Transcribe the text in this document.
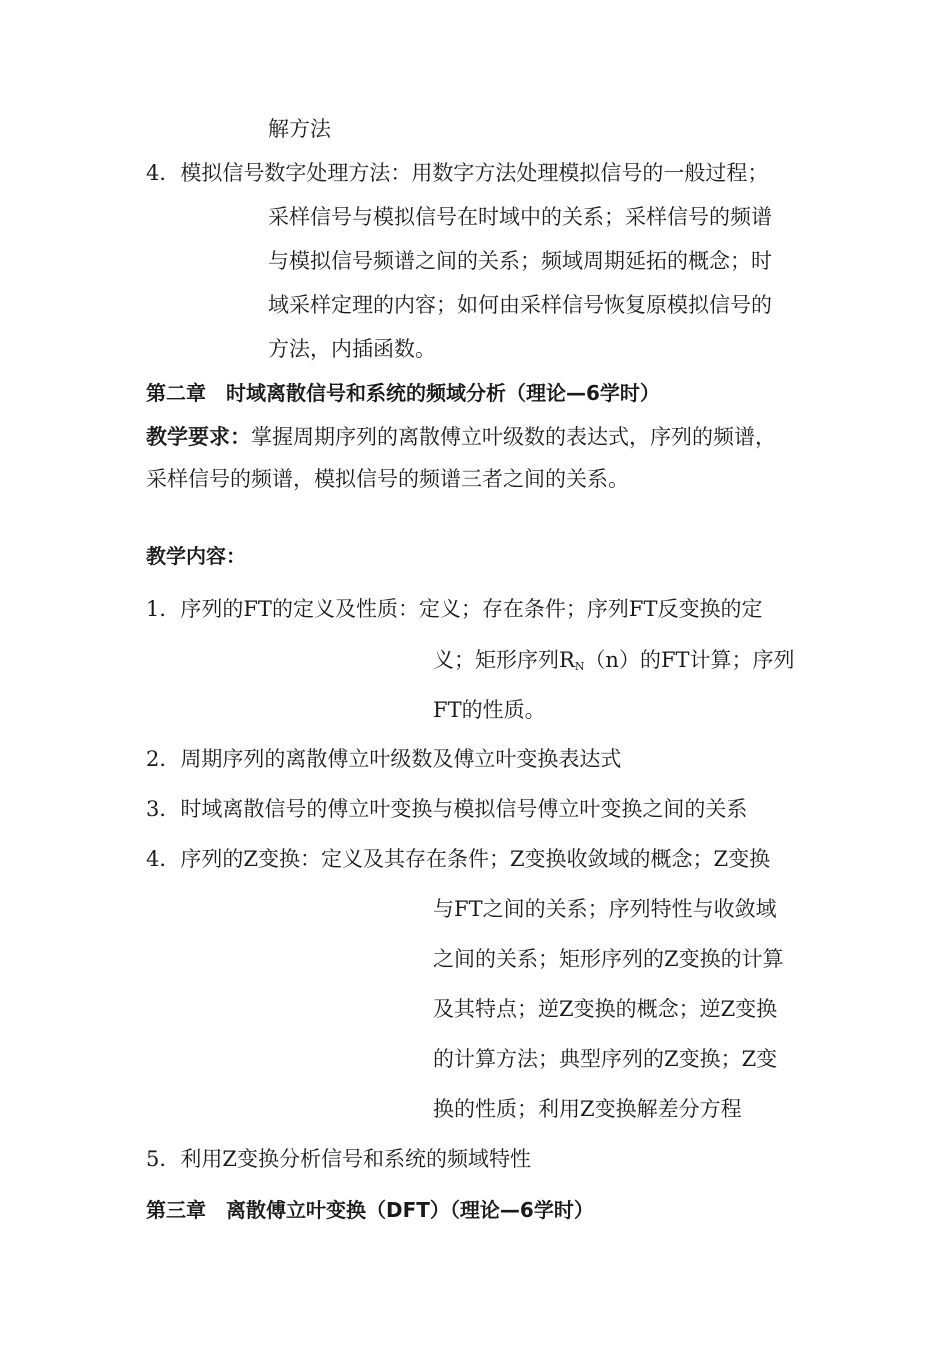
解方法
4．模拟信号数字处理方法：用数字方法处理模拟信号的一般过程；
采样信号与模拟信号在时域中的关系；采样信号的频谱
与模拟信号频谱之间的关系；频域周期延拓的概念；时
域采样定理的内容；如何由采样信号恢复原模拟信号的
方法，内插函数。
第二章　时域离散信号和系统的频域分析（理论—6学时）
教学要求：掌握周期序列的离散傅立叶级数的表达式，序列的频谱，
采样信号的频谱，模拟信号的频谱三者之间的关系。
教学内容：
1．序列的FT的定义及性质：定义；存在条件；序列FT反变换的定
义；矩形序列$R_N(n)$的FT计算；序列
FT的性质。
2．周期序列的离散傅立叶级数及傅立叶变换表达式
3．时域离散信号的傅立叶变换与模拟信号傅立叶变换之间的关系
4．序列的Z变换：定义及其存在条件；Z变换收敛域的概念；Z变换
与FT之间的关系；序列特性与收敛域
之间的关系；矩形序列的Z变换的计算
及其特点；逆Z变换的概念；逆Z变换
的计算方法；典型序列的Z变换；Z变
换的性质；利用Z变换解差分方程
5．利用Z变换分析信号和系统的频域特性
第三章　离散傅立叶变换（DFT）（理论—6学时）
